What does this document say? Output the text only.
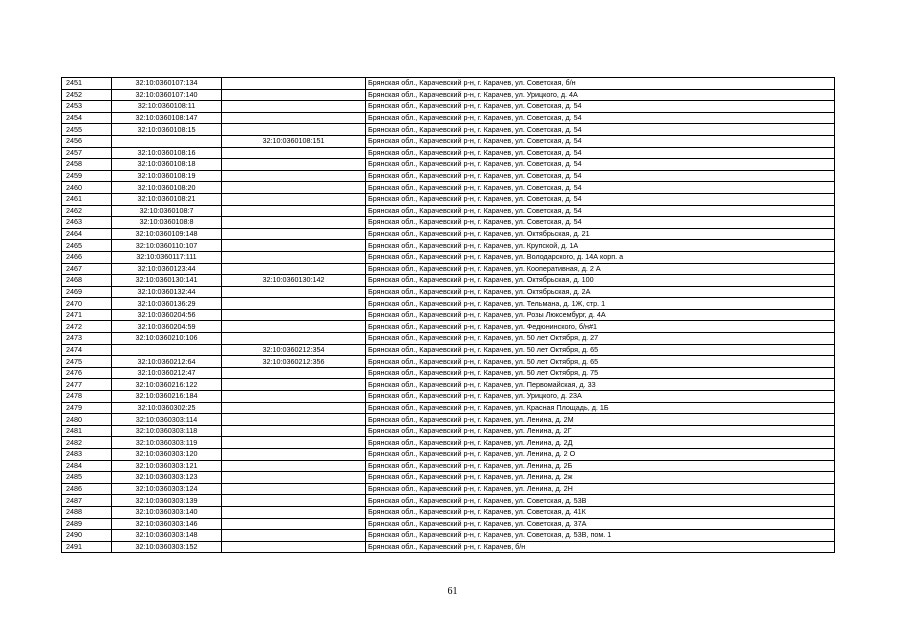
2451	32:10:0360107:134		Брянская обл., Карачевский р-н, г. Карачев, ул. Советская, б/н
2452	32:10:0360107:140		Брянская обл., Карачевский р-н, г. Карачев, ул. Урицкого, д. 4А
2453	32:10:0360108:11		Брянская обл., Карачевский р-н, г. Карачев, ул. Советская, д. 54
2454	32:10:0360108:147		Брянская обл., Карачевский р-н, г. Карачев, ул. Советская, д. 54
2455	32:10:0360108:15		Брянская обл., Карачевский р-н, г. Карачев, ул. Советская, д. 54
2456		32:10:0360108:151	Брянская обл., Карачевский р-н, г. Карачев, ул. Советская, д. 54
2457	32:10:0360108:16		Брянская обл., Карачевский р-н, г. Карачев, ул. Советская, д. 54
2458	32:10:0360108:18		Брянская обл., Карачевский р-н, г. Карачев, ул. Советская, д. 54
2459	32:10:0360108:19		Брянская обл., Карачевский р-н, г. Карачев, ул. Советская, д. 54
2460	32:10:0360108:20		Брянская обл., Карачевский р-н, г. Карачев, ул. Советская, д. 54
2461	32:10:0360108:21		Брянская обл., Карачевский р-н, г. Карачев, ул. Советская, д. 54
2462	32:10:0360108:7		Брянская обл., Карачевский р-н, г. Карачев, ул. Советская, д. 54
2463	32:10:0360108:8		Брянская обл., Карачевский р-н, г. Карачев, ул. Советская, д. 54
2464	32:10:0360109:148		Брянская обл., Карачевский р-н, г. Карачев, ул. Октябрьская, д. 21
2465	32:10:0360110:107		Брянская обл., Карачевский р-н, г. Карачев, ул. Крупской, д. 1А
2466	32:10:0360117:111		Брянская обл., Карачевский р-н, г. Карачев, ул. Володарского, д. 14А корп. а
2467	32:10:0360123:44		Брянская обл., Карачевский р-н, г. Карачев, ул. Кооперативная, д. 2 А
2468	32:10:0360130:141	32:10:0360130:142	Брянская обл., Карачевский р-н, г. Карачев, ул. Октябрьская, д. 100
2469	32:10:0360132:44		Брянская обл., Карачевский р-н, г. Карачев, ул. Октябрьская, д. 2А
2470	32:10:0360136:29		Брянская обл., Карачевский р-н, г. Карачев, ул. Тельмана, д. 1Ж, стр. 1
2471	32:10:0360204:56		Брянская обл., Карачевский р-н, г. Карачев, ул. Розы Люксембург, д. 4А
2472	32:10:0360204:59		Брянская обл., Карачевский р-н, г. Карачев, ул. Федюнинского, б/н#1
2473	32:10:0360210:106		Брянская обл., Карачевский р-н, г. Карачев, ул. 50 лет Октября, д. 27
2474		32:10:0360212:354	Брянская обл., Карачевский р-н, г. Карачев, ул. 50 лет Октября, д. 65
2475	32:10:0360212:64	32:10:0360212:356	Брянская обл., Карачевский р-н, г. Карачев, ул. 50 лет Октября, д. 65
2476	32:10:0360212:47		Брянская обл., Карачевский р-н, г. Карачев, ул. 50 лет Октября, д. 75
2477	32:10:0360216:122		Брянская обл., Карачевский р-н, г. Карачев, ул. Первомайская, д. 33
2478	32:10:0360216:184		Брянская обл., Карачевский р-н, г. Карачев, ул. Урицкого, д. 23А
2479	32:10:0360302:25		Брянская обл., Карачевский р-н, г. Карачев, ул. Красная Площадь, д. 1Б
2480	32:10:0360303:114		Брянская обл., Карачевский р-н, г. Карачев, ул. Ленина, д. 2М
2481	32:10:0360303:118		Брянская обл., Карачевский р-н, г. Карачев, ул. Ленина, д. 2Г
2482	32:10:0360303:119		Брянская обл., Карачевский р-н, г. Карачев, ул. Ленина, д. 2Д
2483	32:10:0360303:120		Брянская обл., Карачевский р-н, г. Карачев, ул. Ленина, д. 2 О
2484	32:10:0360303:121		Брянская обл., Карачевский р-н, г. Карачев, ул. Ленина, д. 2Б
2485	32:10:0360303:123		Брянская обл., Карачевский р-н, г. Карачев, ул. Ленина, д. 2ж
2486	32:10:0360303:124		Брянская обл., Карачевский р-н, г. Карачев, ул. Ленина, д. 2Н
2487	32:10:0360303:139		Брянская обл., Карачевский р-н, г. Карачев, ул. Советская, д. 53В
2488	32:10:0360303:140		Брянская обл., Карачевский р-н, г. Карачев, ул. Советская, д. 41К
2489	32:10:0360303:146		Брянская обл., Карачевский р-н, г. Карачев, ул. Советская, д. 37А
2490	32:10:0360303:148		Брянская обл., Карачевский р-н, г. Карачев, ул. Советская, д. 53В, пом. 1
2491	32:10:0360303:152		Брянская обл., Карачевский р-н, г. Карачев, б/н
61
